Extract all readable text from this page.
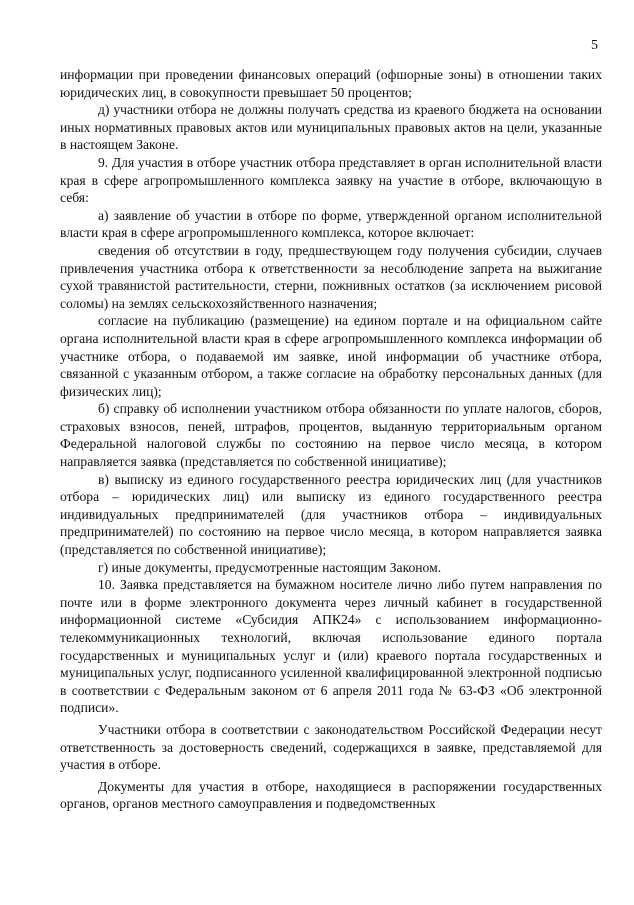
5

информации при проведении финансовых операций (офшорные зоны) в отношении таких юридических лиц, в совокупности превышает 50 процентов;

д) участники отбора не должны получать средства из краевого бюджета на основании иных нормативных правовых актов или муниципальных правовых актов на цели, указанные в настоящем Законе.

9. Для участия в отборе участник отбора представляет в орган исполнительной власти края в сфере агропромышленного комплекса заявку на участие в отборе, включающую в себя:

а) заявление об участии в отборе по форме, утвержденной органом исполнительной власти края в сфере агропромышленного комплекса, которое включает:

сведения об отсутствии в году, предшествующем году получения субсидии, случаев привлечения участника отбора к ответственности за несоблюдение запрета на выжигание сухой травянистой растительности, стерни, пожнивных остатков (за исключением рисовой соломы) на землях сельскохозяйственного назначения;

согласие на публикацию (размещение) на едином портале и на официальном сайте органа исполнительной власти края в сфере агропромышленного комплекса информации об участнике отбора, о подаваемой им заявке, иной информации об участнике отбора, связанной с указанным отбором, а также согласие на обработку персональных данных (для физических лиц);

б) справку об исполнении участником отбора обязанности по уплате налогов, сборов, страховых взносов, пеней, штрафов, процентов, выданную территориальным органом Федеральной налоговой службы по состоянию на первое число месяца, в котором направляется заявка (представляется по собственной инициативе);

в) выписку из единого государственного реестра юридических лиц (для участников отбора – юридических лиц) или выписку из единого государственного реестра индивидуальных предпринимателей (для участников отбора – индивидуальных предпринимателей) по состоянию на первое число месяца, в котором направляется заявка (представляется по собственной инициативе);

г) иные документы, предусмотренные настоящим Законом.

10. Заявка представляется на бумажном носителе лично либо путем направления по почте или в форме электронного документа через личный кабинет в государственной информационной системе «Субсидия АПК24» с использованием информационно-телекоммуникационных технологий, включая использование единого портала государственных и муниципальных услуг и (или) краевого портала государственных и муниципальных услуг, подписанного усиленной квалифицированной электронной подписью в соответствии с Федеральным законом от 6 апреля 2011 года № 63-ФЗ «Об электронной подписи».

Участники отбора в соответствии с законодательством Российской Федерации несут ответственность за достоверность сведений, содержащихся в заявке, представляемой для участия в отборе.

Документы для участия в отборе, находящиеся в распоряжении государственных органов, органов местного самоуправления и подведомственных
